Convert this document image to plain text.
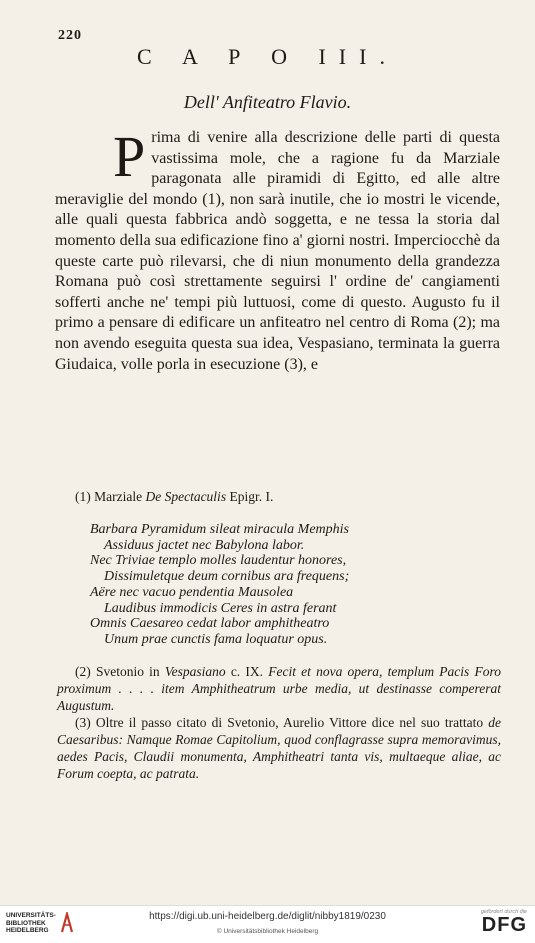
220
C A P O III.
Dell' Anfiteatro Flavio.

Prima di venire alla descrizione delle parti di questa vastissima mole, che a ragione fu da Marziale paragonata alle piramidi di Egitto, ed alle altre meraviglie del mondo (1), non sarà inutile, che io mostri le vicende, alle quali questa fabbrica andò soggetta, e ne tessa la storia dal momento della sua edificazione fino a' giorni nostri. Imperciocchè da queste carte può rilevarsi, che di niun monumento della grandezza Romana può così strettamente seguirsi l' ordine de' cangiamenti sofferti anche ne' tempi più luttuosi, come di questo. Augusto fu il primo a pensare di edificare un anfiteatro nel centro di Roma (2); ma non avendo eseguita questa sua idea, Vespasiano, terminata la guerra Giudaica, volle porla in esecuzione (3), e

(1) Marziale De Spectaculis Epigr. I.

Barbara Pyramidum sileat miracula Memphis
Assiduus jactet nec Babylona labor.
Nec Triviae templo molles laudentur honores,
Dissimuletque deum cornibus ara frequens;
Aëre nec vacuo pendentia Mausolea
Laudibus immodicis Ceres in astra ferant
Omnis Caesareo cedat labor amphitheatro
Unum prae cunctis fama loquatur opus.

(2) Svetonio in Vespasiano c. IX. Fecit et nova opera, templum Pacis Foro proximum . . . . item Amphitheatrum urbe media, ut destinasse compererat Augustum.

(3) Oltre il passo citato di Svetonio, Aurelio Vittore dice nel suo trattato de Caesaribus: Namque Romae Capitolium, quod conflagrasse supra memoravimus, aedes Pacis, Claudii monumenta, Amphitheatri tanta vis, multaeque aliae, ac Forum coepta, ac patrata.

UNIVERSITÄTS-
BIBLIOTHEK
HEIDELBERG
https://digi.ub.uni-heidelberg.de/diglit/nibby1819/0230
© Universitätsbibliothek Heidelberg
gefördert durch die
DFG
